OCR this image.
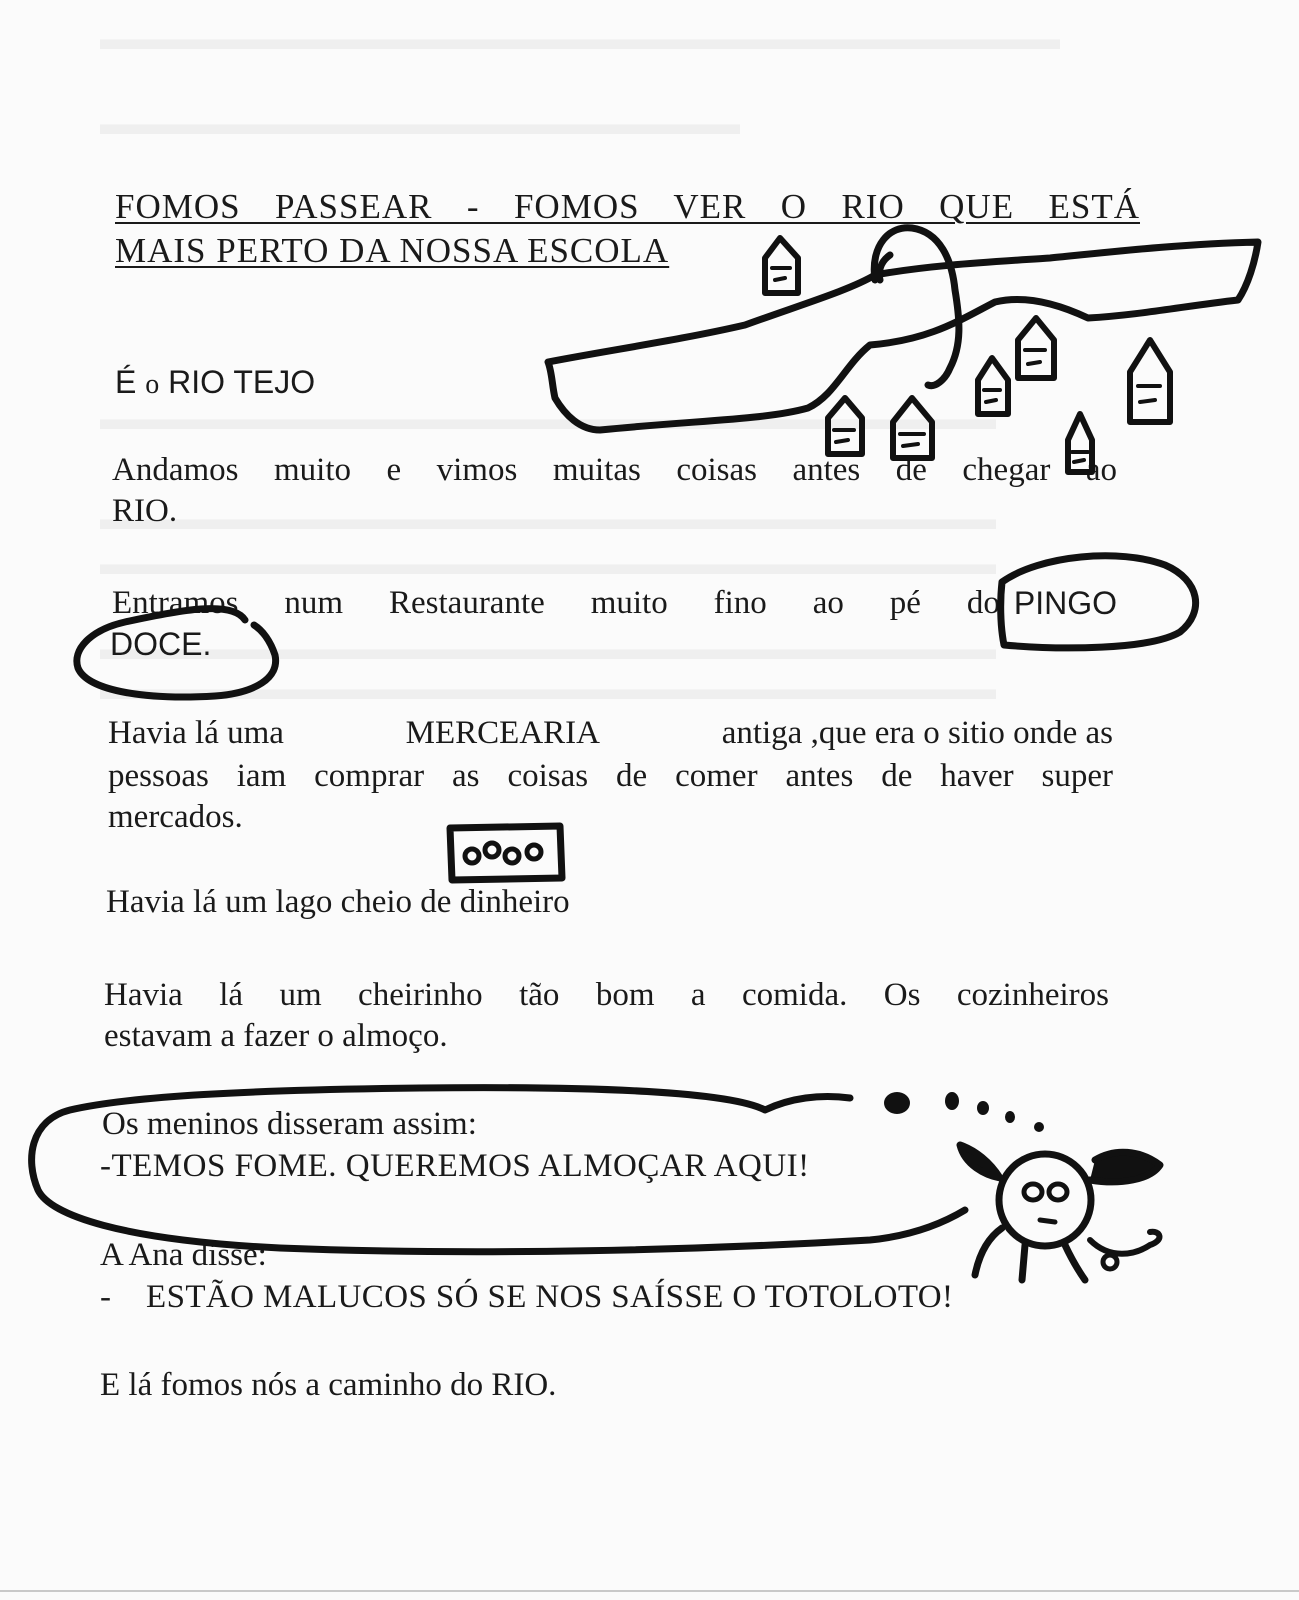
FOMOS PASSEAR - FOMOS VER O RIO QUE ESTÁ
MAIS PERTO DA NOSSA ESCOLA
É o RIO TEJO
Andamos muito e vimos muitas coisas antes de chegar ao
RIO.
Entramos num Restaurante muito fino ao pé do PINGO
DOCE.
Havia lá uma	MERCEARIA	antiga ,que era o sitio onde as
pessoas iam comprar as coisas de comer antes de haver super
mercados.
Havia lá um lago cheio de dinheiro
Havia lá um cheirinho tão bom a comida. Os cozinheiros
estavam a fazer o almoço.
Os meninos disseram assim:
-TEMOS FOME. QUEREMOS ALMOÇAR AQUI!
A Ana disse:
- ESTÃO MALUCOS SÓ SE NOS SAÍSSE O TOTOLOTO!
E lá fomos nós a caminho do RIO.
